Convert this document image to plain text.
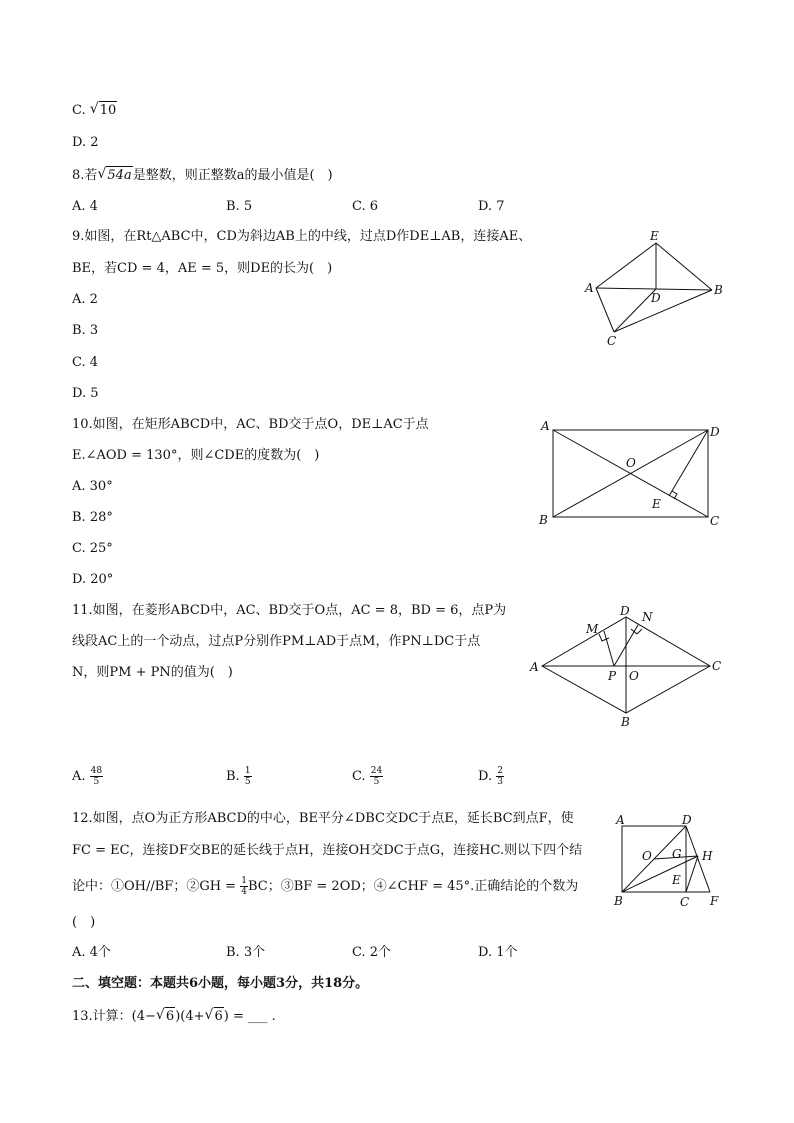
C. √ 10
D. 2
8.若 √ 54a是整数，则正整数a的最小值是(　)
A. 4	B. 5	C. 6	D. 7
9.如图，在Rt△ABC中，CD为斜边AB上的中线，过点D作DE⊥AB，连接AE、
BE，若CD = 4，AE = 5，则DE的长为(　)
A. 2
B. 3
C. 4
D. 5
E
A	B
D
C
10.如图，在矩形ABCD中，AC、BD交于点O，DE⊥AC于点
E.∠AOD = 130°，则∠CDE的度数为(　)
A. 30°
B. 28°
C. 25°
D. 20°
A	D
O
E
B	C
11.如图，在菱形ABCD中，AC、BD交于O点，AC = 8，BD = 6，点P为
线段AC上的一个动点，过点P分别作PM⊥AD于点M，作PN⊥DC于点
N，则PM + PN的值为(　)
D N
M
A	C
P O
B
A. $\frac{48}{5}$	B. $\frac{1}{5}$	C. $\frac{24}{5}$	D. $\frac{2}{3}$
12.如图，点O为正方形ABCD的中心，BE平分∠DBC交DC于点E，延长BC到点F，使
FC = EC，连接DF交BE的延长线于点H，连接OH交DC于点G，连接HC.则以下四个结
论中：①OH//BF；②GH = $\frac{1}{4}$ BC；③BF = 2OD；④∠CHF = 45°.正确结论的个数为
(　)
A	D
O G H
E
B	C F
A. 4个	B. 3个	C. 2个	D. 1个
二、填空题：本题共6小题，每小题3分，共18分。
13.计算：(4− √ 6)(4+ √ 6) = ___ .
